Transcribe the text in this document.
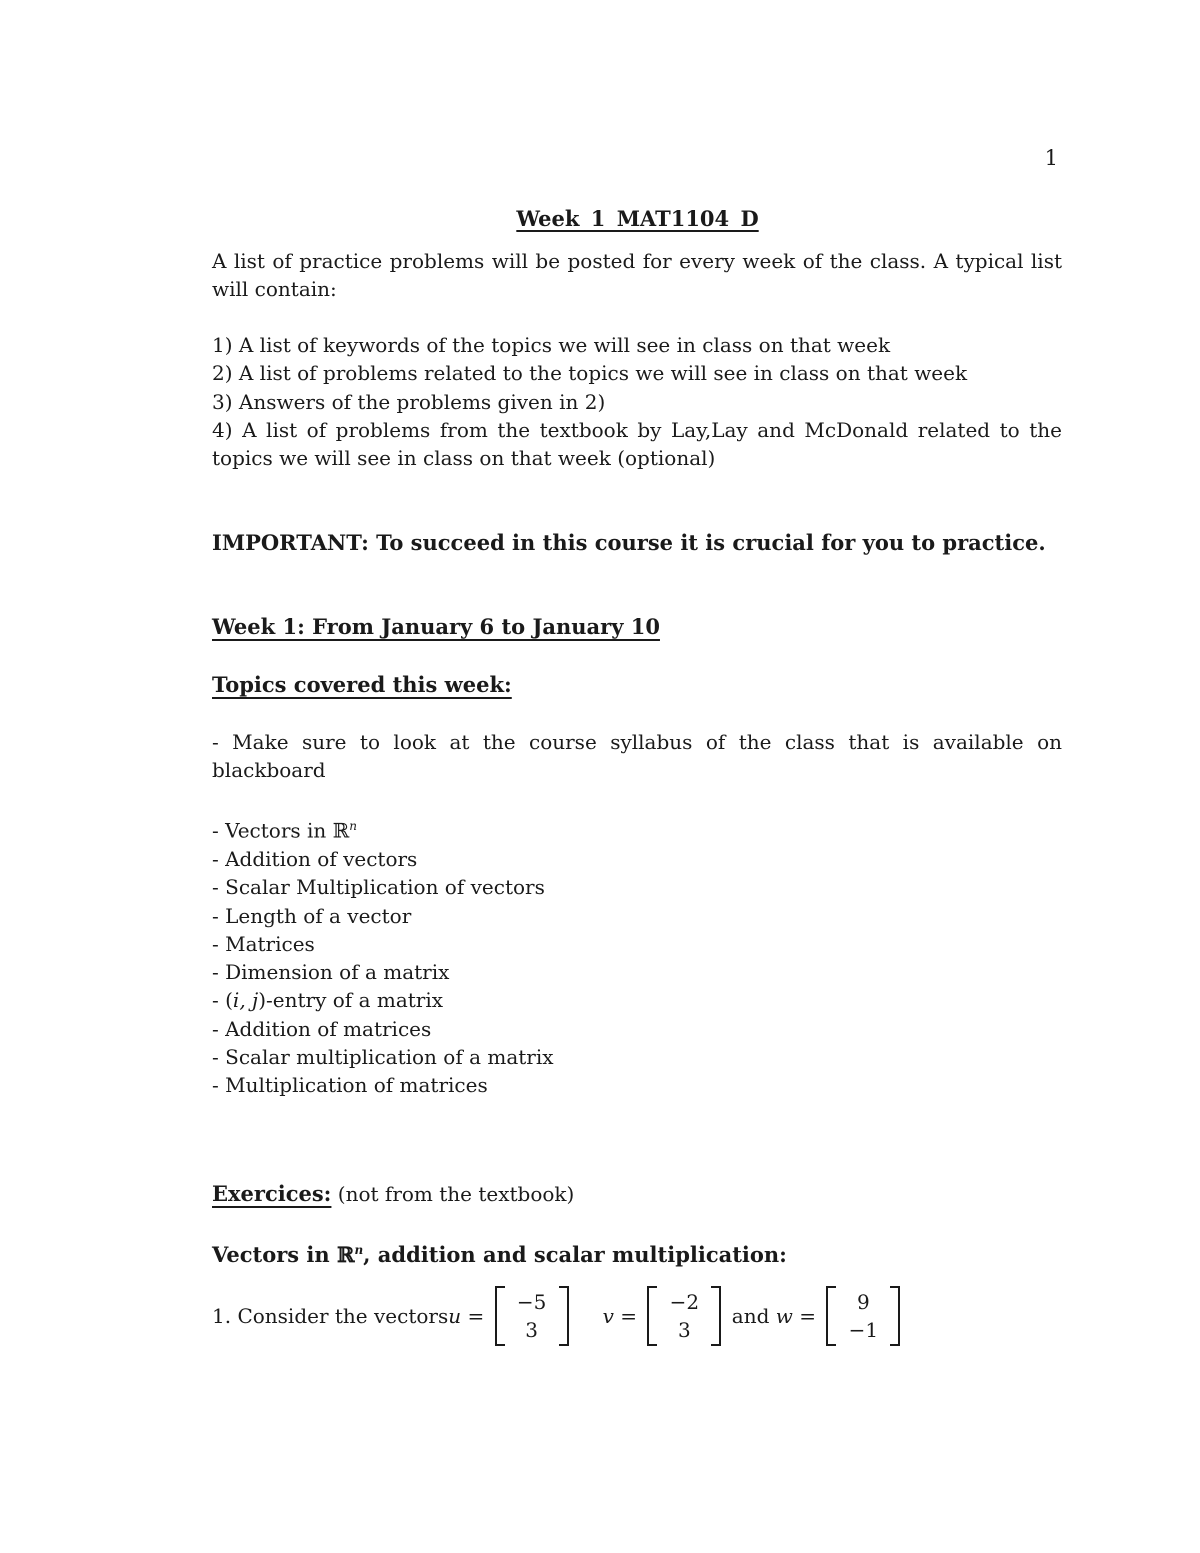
1
Week 1 MAT1104 D
A list of practice problems will be posted for every week of the class. A typical list will contain:
1) A list of keywords of the topics we will see in class on that week
2) A list of problems related to the topics we will see in class on that week
3) Answers of the problems given in 2)
4) A list of problems from the textbook by Lay,Lay and McDonald related to the topics we will see in class on that week (optional)
IMPORTANT: To succeed in this course it is crucial for you to practice.
Week 1: From January 6 to January 10
Topics covered this week:
- Make sure to look at the course syllabus of the class that is available on blackboard
- Vectors in ℝ$^n$
- Addition of vectors
- Scalar Multiplication of vectors
- Length of a vector
- Matrices
- Dimension of a matrix
- (i, j)-entry of a matrix
- Addition of matrices
- Scalar multiplication of a matrix
- Multiplication of matrices
Exercices: (not from the textbook)
Vectors in ℝ$^n$, addition and scalar multiplication:
1. Consider the vectors u =
−5
3
v =
−2
3
and w =
9
−1
